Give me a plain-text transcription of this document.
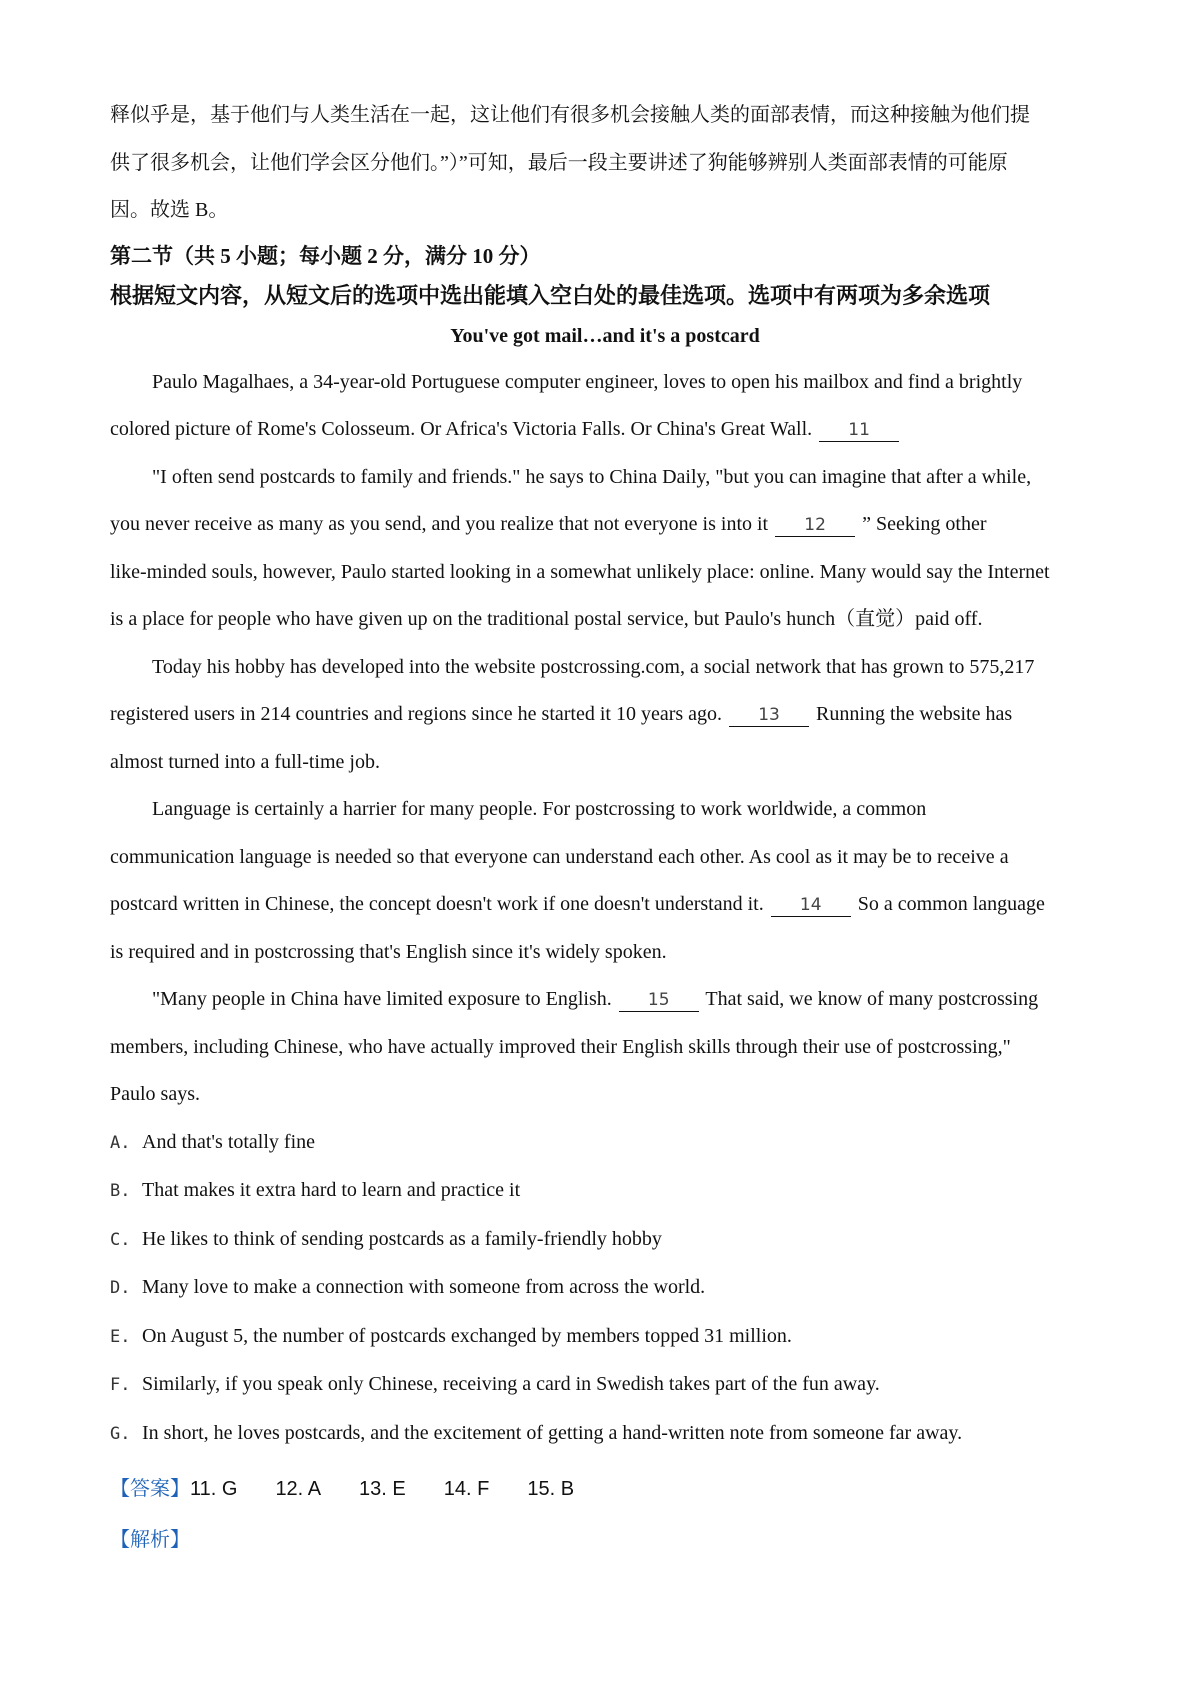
释似乎是，基于他们与人类生活在一起，这让他们有很多机会接触人类的面部表情，而这种接触为他们提

供了很多机会，让他们学会区分他们。”）”可知，最后一段主要讲述了狗能够辨别人类面部表情的可能原

因。故选 B。

第二节（共 5 小题；每小题 2 分，满分 10 分）

根据短文内容，从短文后的选项中选出能填入空白处的最佳选项。选项中有两项为多余选项

You've got mail…and it's a postcard

Paulo Magalhaes, a 34-year-old Portuguese computer engineer, loves to open his mailbox and find a brightly

colored picture of Rome's Colosseum. Or Africa's Victoria Falls. Or China's Great Wall. 11

"I often send postcards to family and friends." he says to China Daily, "but you can imagine that after a while,

you never receive as many as you send, and you realize that not everyone is into it 12 ” Seeking other

like-minded souls, however, Paulo started looking in a somewhat unlikely place: online. Many would say the Internet

is a place for people who have given up on the traditional postal service, but Paulo's hunch（直觉）paid off.

Today his hobby has developed into the website postcrossing.com, a social network that has grown to 575,217

registered users in 214 countries and regions since he started it 10 years ago. 13 Running the website has

almost turned into a full-time job.

Language is certainly a harrier for many people. For postcrossing to work worldwide, a common

communication language is needed so that everyone can understand each other. As cool as it may be to receive a

postcard written in Chinese, the concept doesn't work if one doesn't understand it. 14 So a common language

is required and in postcrossing that's English since it's widely spoken.

"Many people in China have limited exposure to English. 15 That said, we know of many postcrossing

members, including Chinese, who have actually improved their English skills through their use of postcrossing,"

Paulo says.

A. And that's totally fine
B. That makes it extra hard to learn and practice it
C. He likes to think of sending postcards as a family-friendly hobby
D. Many love to make a connection with someone from across the world.
E. On August 5, the number of postcards exchanged by members topped 31 million.
F. Similarly, if you speak only Chinese, receiving a card in Swedish takes part of the fun away.
G. In short, he loves postcards, and the excitement of getting a hand-written note from someone far away.
【答案】11. G 12. A 13. E 14. F 15. B
【解析】
